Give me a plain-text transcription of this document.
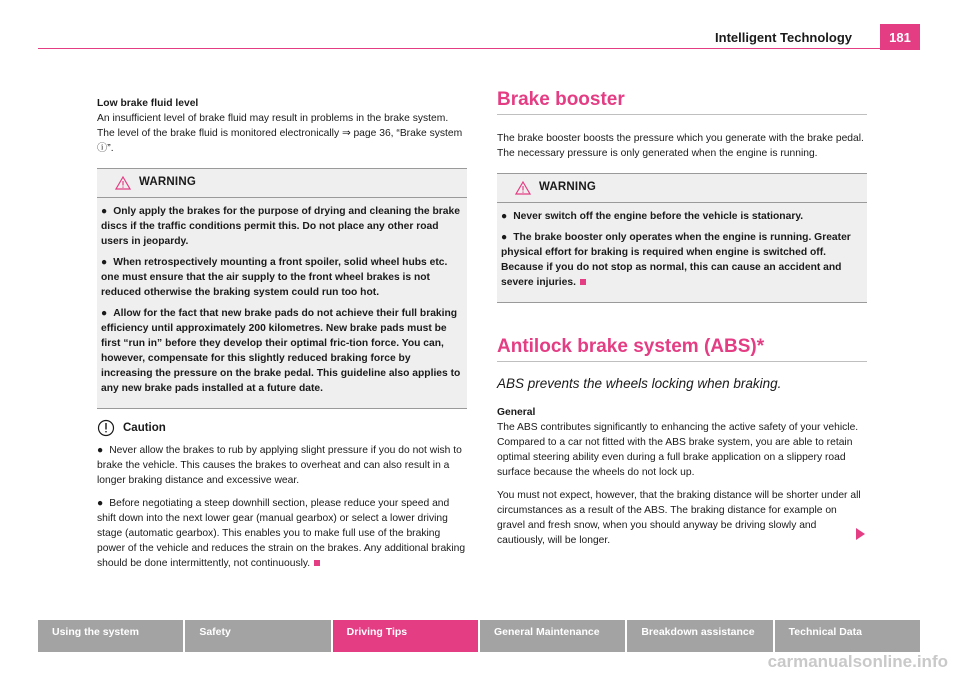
Intelligent Technology	181

Low brake fluid level

An insufficient level of brake fluid may result in problems in the brake system. The level of the brake fluid is monitored electronically ⇒ page 36, “Brake system ⓘ”.

WARNING
● Only apply the brakes for the purpose of drying and cleaning the brake discs if the traffic conditions permit this. Do not place any other road users in jeopardy.
● When retrospectively mounting a front spoiler, solid wheel hubs etc. one must ensure that the air supply to the front wheel brakes is not reduced otherwise the braking system could run too hot.
● Allow for the fact that new brake pads do not achieve their full braking efficiency until approximately 200 kilometres. New brake pads must be first “run in” before they develop their optimal fric-tion force. You can, however, compensate for this slightly reduced braking force by increasing the pressure on the brake pedal. This guideline also applies to any new brake pads installed at a future date.
Caution
● Never allow the brakes to rub by applying slight pressure if you do not wish to brake the vehicle. This causes the brakes to overheat and can also result in a longer braking distance and excessive wear.
● Before negotiating a steep downhill section, please reduce your speed and shift down into the next lower gear (manual gearbox) or select a lower driving stage (automatic gearbox). This enables you to make full use of the braking power of the vehicle and reduces the strain on the brakes. Any additional braking should be done intermittently, not continuously.
Brake booster

The brake booster boosts the pressure which you generate with the brake pedal. The necessary pressure is only generated when the engine is running.

WARNING
● Never switch off the engine before the vehicle is stationary.
● The brake booster only operates when the engine is running. Greater physical effort for braking is required when engine is switched off. Because if you do not stop as normal, this can cause an accident and severe injuries.
Antilock brake system (ABS)*

ABS prevents the wheels locking when braking.

General

The ABS contributes significantly to enhancing the active safety of your vehicle. Compared to a car not fitted with the ABS brake system, you are able to retain optimal steering ability even during a full brake application on a slippery road surface because the wheels do not lock up.

You must not expect, however, that the braking distance will be shorter under all circumstances as a result of the ABS. The braking distance for example on gravel and fresh snow, when you should anyway be driving slowly and cautiously, will be longer.

Using the system	Safety	Driving Tips	General Maintenance	Breakdown assistance	Technical Data
carmanualsonline.info
